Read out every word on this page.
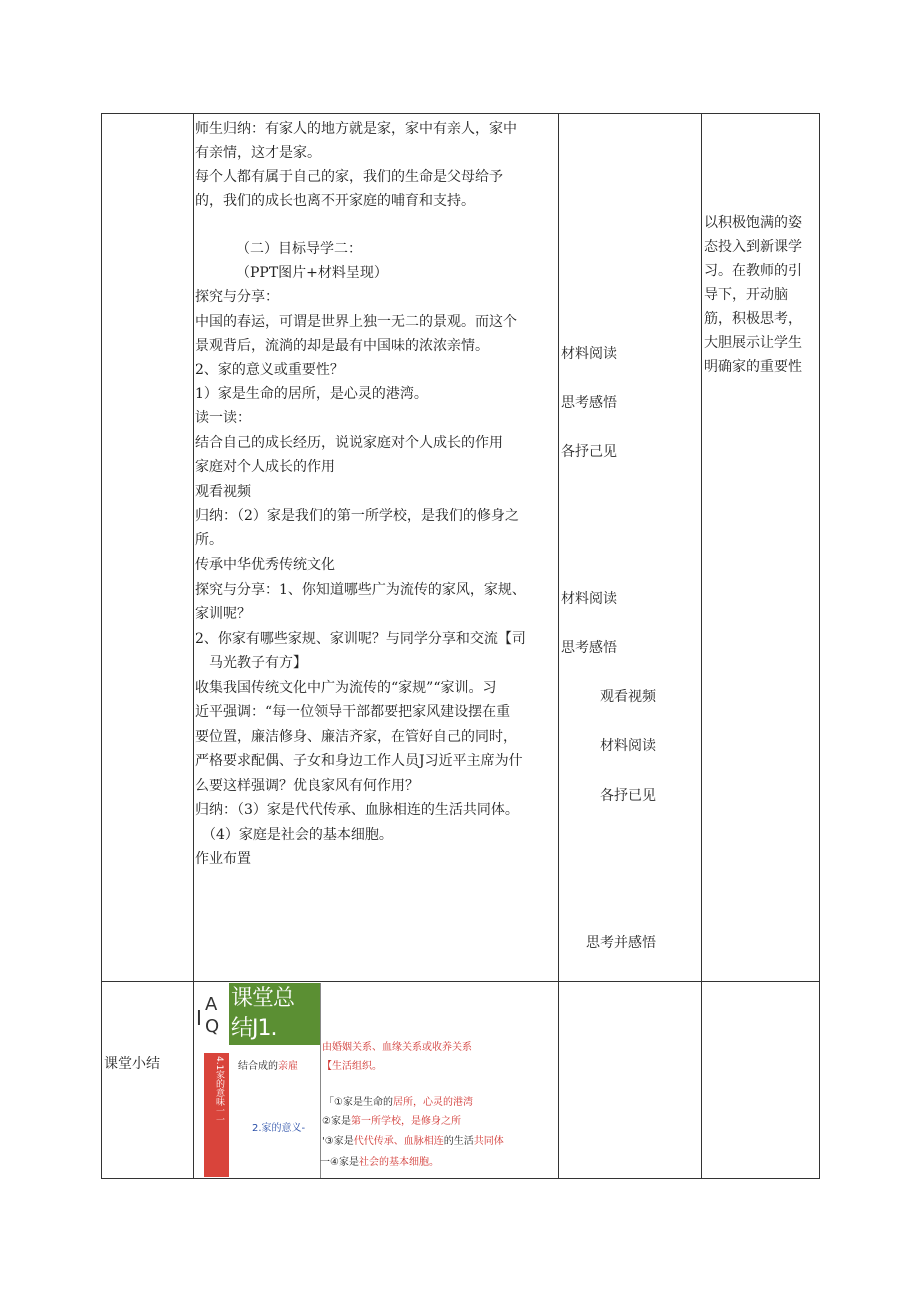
师生归纳：有家人的地方就是家，家中有亲人，家中
有亲情，这才是家。
每个人都有属于自己的家，我们的生命是父母给予
的，我们的成长也离不开家庭的哺育和支持。
（二）目标导学二：
（PPT图片+材料呈现）
探究与分享：
中国的春运，可谓是世界上独一无二的景观。而这个
景观背后，流淌的却是最有中国味的浓浓亲情。
2、家的意义或重要性？
1）家是生命的居所，是心灵的港湾。
读一读：
结合自己的成长经历，说说家庭对个人成长的作用
家庭对个人成长的作用
观看视频
归纳：（2）家是我们的第一所学校，是我们的修身之
所。
传承中华优秀传统文化
探究与分享：1、你知道哪些广为流传的家风，家规、
家训呢？
2、你家有哪些家规、家训呢？与同学分享和交流【司
马光教子有方】
收集我国传统文化中广为流传的“家规”“家训。习
近平强调：“每一位领导干部都要把家风建设摆在重
要位置，廉洁修身、廉洁齐家，在管好自己的同时，
严格要求配偶、子女和身边工作人员J习近平主席为什
么要这样强调？优良家风有何作用？
归纳：（3）家是代代传承、血脉相连的生活共同体。
（4）家庭是社会的基本细胞。
作业布置
材料阅读
思考感悟
各抒己见
材料阅读
思考感悟
观看视频
材料阅读
各抒已见
思考并感悟
以积极饱满的姿
态投入到新课学
习。在教师的引
导下，开动脑
筋，积极思考，
大胆展示让学生
明确家的重要性
课堂小结
A
Q
I
课堂总
结J1.
4.1家的意味一一 结合成的亲雇
2.家的意义-
由婚姻关系、血缘关系或收养关系
【生活组织。
「①家是生命的居所，心灵的港湾
②家是第一所学校，是修身之所
'③家是代代传承、血脉相连的生活共同体
一④家是社会的基本细胞。
